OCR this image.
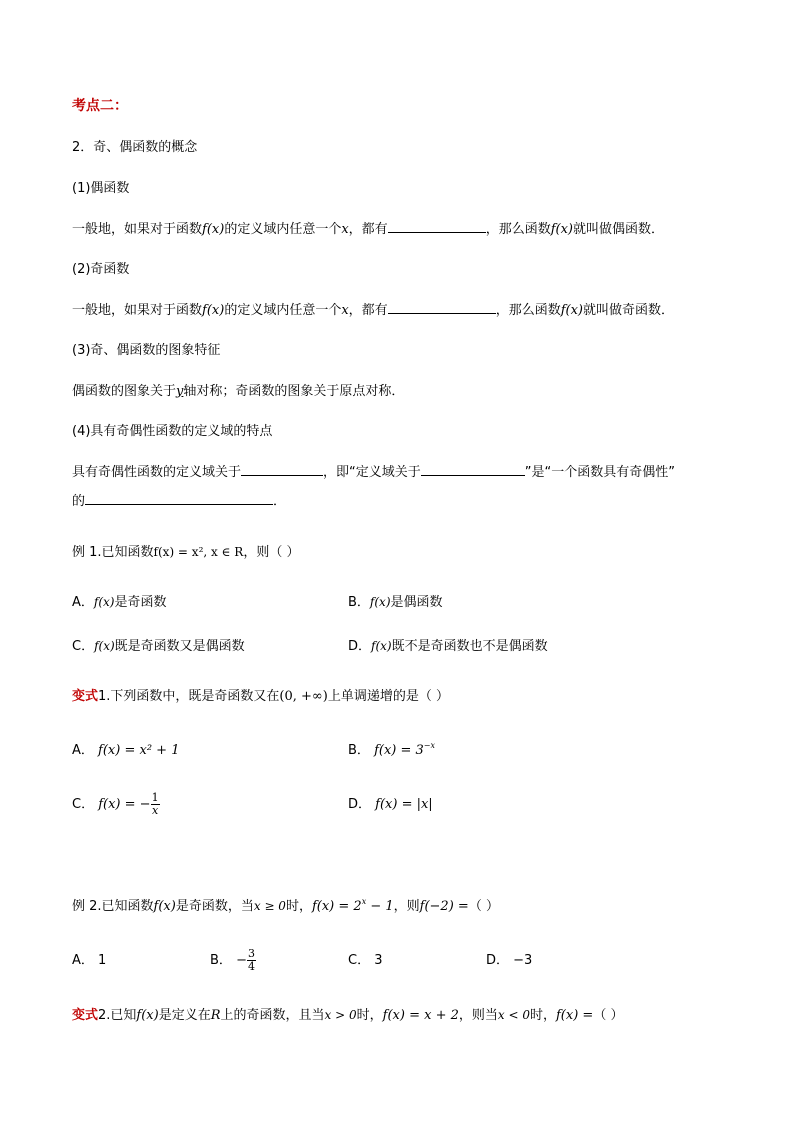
考点二：
2．奇、偶函数的概念
(1)偶函数
一般地，如果对于函数f(x)的定义域内任意一个x，都有	，那么函数f(x)就叫做偶函数．
(2)奇函数
一般地，如果对于函数f(x)的定义域内任意一个x，都有	，那么函数f(x)就叫做奇函数．
(3)奇、偶函数的图象特征
偶函数的图象关于y轴对称；奇函数的图象关于原点对称．
(4)具有奇偶性函数的定义域的特点
具有奇偶性函数的定义域关于	，即“定义域关于	”是“一个函数具有奇偶性”
的	．
例 1.已知函数f(x) = x², x ∈ R，则（ ）
A．f(x)是奇函数	B．f(x)是偶函数
C．f(x)既是奇函数又是偶函数	D．f(x)既不是奇函数也不是偶函数
变式1.下列函数中，既是奇函数又在(0, +∞)上单调递增的是（ ）
A． f(x) = x² + 1	B． $f(x) = 3^{-x}$
C． f(x) = − $\frac{1}{x}$	D． f(x) = |x|
例 2.已知函数f(x)是奇函数，当x ≥ 0时，$f(x) = 2^x - 1$，则f(−2) =（ ）
A． 1	B． − $\frac{3}{4}$	C． 3	D． −3
变式2.已知f(x)是定义在R上的奇函数，且当x > 0时，f(x) = x + 2，则当x < 0时，f(x) =（ ）
